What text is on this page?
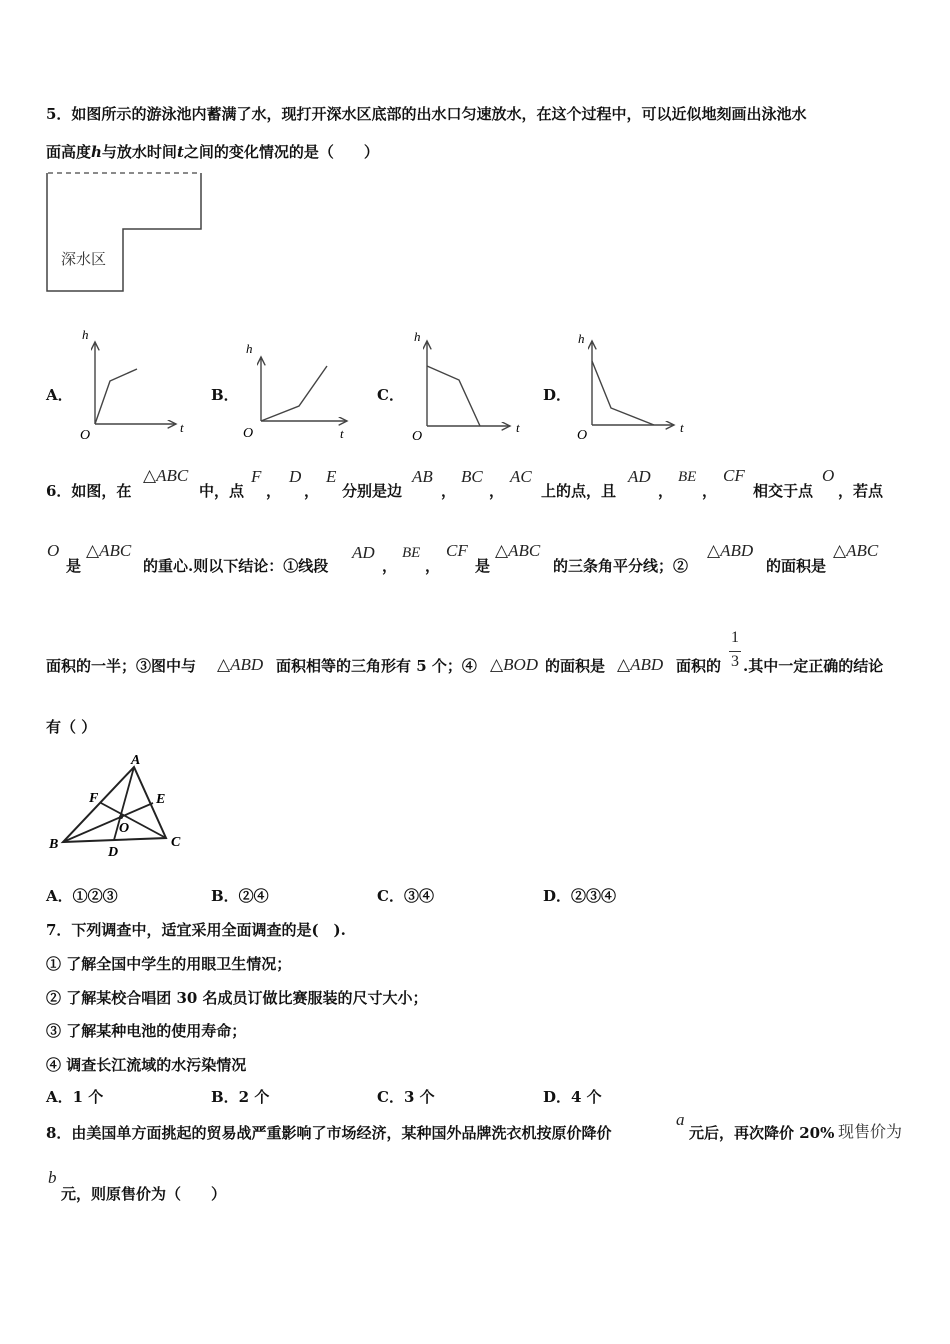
5．如图所示的游泳池内蓄满了水，现打开深水区底部的出水口匀速放水，在这个过程中，可以近似地刻画出泳池水
面高度h与放水时间t之间的变化情况的是（　　）
深水区
A．	B．	C．	D．
h
O
t
h
O	t
h
O
t
h
O
t
6．如图，在
△ABC
中，点
F
，
D
，
E
分别是边
AB
，
BC
，
AC
上的点，且
AD
，
BE
，
CF
相交于点
O
，若点
O
是
△ABC
的重心.则以下结论：①线段
AD
，
BE
，
CF
是
△ABC
的三条角平分线；②
△ABD
的面积是
△ABC
面积的一半；③图中与 △ABD 面积相等的三角形有 5 个；④ △BOD 的面积是 △ABD 面积的
1
3 .其中一定正确的结论
有（ ）
A
B	C
D
E
F
O
A．①②③	B．②④	C．③④	D．②③④
7．下列调查中，适宜采用全面调查的是(　).
① 了解全国中学生的用眼卫生情况；
② 了解某校合唱团 30 名成员订做比赛服装的尺寸大小；
③ 了解某种电池的使用寿命；
④ 调查长江流域的水污染情况
A．1 个	B．2 个	C．3 个	D．4 个
8．由美国单方面挑起的贸易战严重影响了市场经济，某种国外品牌洗衣机按原价降价
a
元后，再次降价 20% 现售价为
b
元，则原售价为（　　）
